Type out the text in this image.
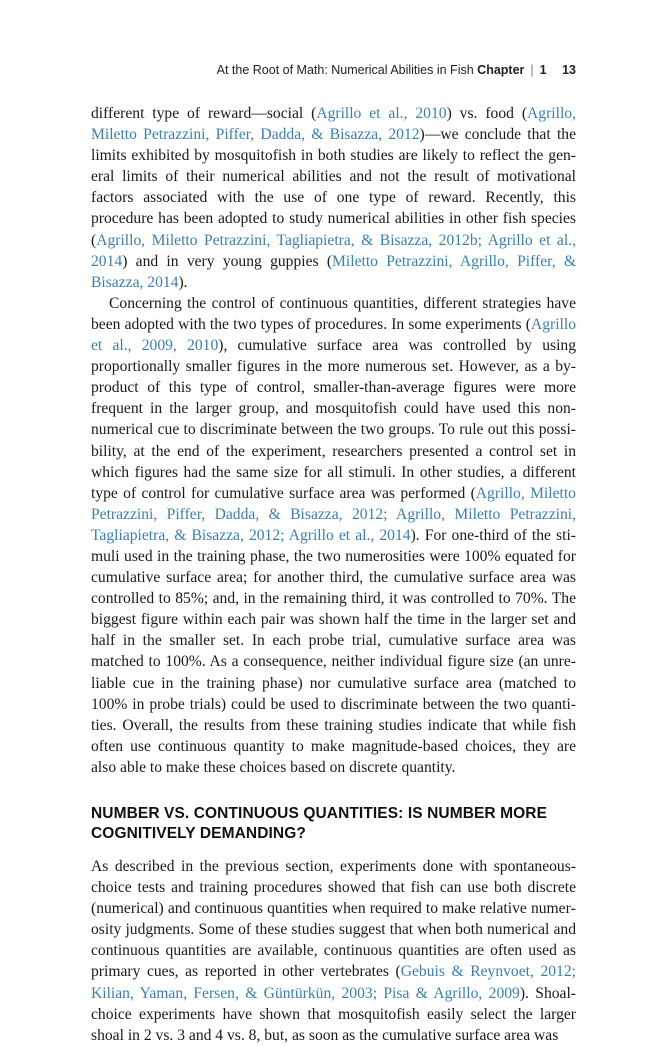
At the Root of Math: Numerical Abilities in Fish Chapter | 1 13

different type of reward—social (Agrillo et al., 2010) vs. food (Agrillo, Miletto Petrazzini, Piffer, Dadda, & Bisazza, 2012)—we conclude that the limits exhibited by mosquitofish in both studies are likely to reflect the general limits of their numerical abilities and not the result of motivational factors associated with the use of one type of reward. Recently, this procedure has been adopted to study numerical abilities in other fish species (Agrillo, Miletto Petrazzini, Tagliapietra, & Bisazza, 2012b; Agrillo et al., 2014) and in very young guppies (Miletto Petrazzini, Agrillo, Piffer, & Bisazza, 2014).

Concerning the control of continuous quantities, different strategies have been adopted with the two types of procedures. In some experiments (Agrillo et al., 2009, 2010), cumulative surface area was controlled by using proportionally smaller figures in the more numerous set. However, as a by-product of this type of control, smaller-than-average figures were more frequent in the larger group, and mosquitofish could have used this nonnumerical cue to discriminate between the two groups. To rule out this possibility, at the end of the experiment, researchers presented a control set in which figures had the same size for all stimuli. In other studies, a different type of control for cumulative surface area was performed (Agrillo, Miletto Petrazzini, Piffer, Dadda, & Bisazza, 2012; Agrillo, Miletto Petrazzini, Tagliapietra, & Bisazza, 2012; Agrillo et al., 2014). For one-third of the stimuli used in the training phase, the two numerosities were 100% equated for cumulative surface area; for another third, the cumulative surface area was controlled to 85%; and, in the remaining third, it was controlled to 70%. The biggest figure within each pair was shown half the time in the larger set and half in the smaller set. In each probe trial, cumulative surface area was matched to 100%. As a consequence, neither individual figure size (an unreliable cue in the training phase) nor cumulative surface area (matched to 100% in probe trials) could be used to discriminate between the two quantities. Overall, the results from these training studies indicate that while fish often use continuous quantity to make magnitude-based choices, they are also able to make these choices based on discrete quantity.

NUMBER VS. CONTINUOUS QUANTITIES: IS NUMBER MORE COGNITIVELY DEMANDING?

As described in the previous section, experiments done with spontaneous-choice tests and training procedures showed that fish can use both discrete (numerical) and continuous quantities when required to make relative numerosity judgments. Some of these studies suggest that when both numerical and continuous quantities are available, continuous quantities are often used as primary cues, as reported in other vertebrates (Gebuis & Reynvoet, 2012; Kilian, Yaman, Fersen, & Güntürkün, 2003; Pisa & Agrillo, 2009). Shoal-choice experiments have shown that mosquitofish easily select the larger shoal in 2 vs. 3 and 4 vs. 8, but, as soon as the cumulative surface area was
